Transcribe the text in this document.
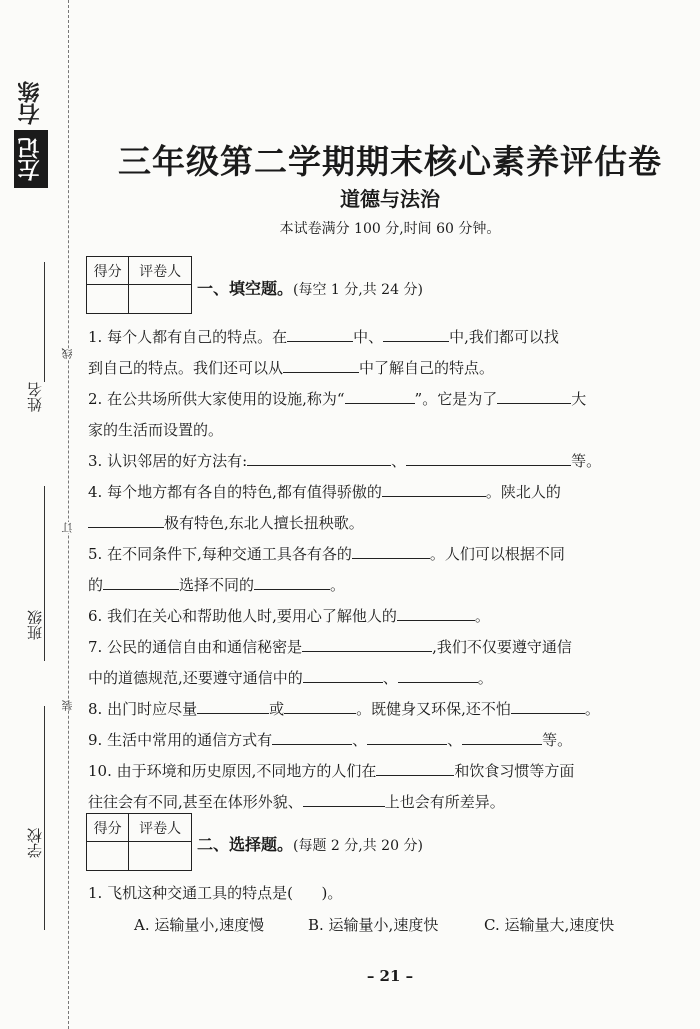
右练
左记
姓名
班级
学校
线
订
装
三年级第二学期期末核心素养评估卷
道德与法治
本试卷满分 100 分,时间 60 分钟。
得分	评卷人

一、填空题。(每空 1 分,共 24 分)
1. 每个人都有自己的特点。在	中、	中,我们都可以找
到自己的特点。我们还可以从	中了解自己的特点。
2. 在公共场所供大家使用的设施,称为“	”。它是为了	大
家的生活而设置的。
3. 认识邻居的好方法有:	、	等。
4. 每个地方都有各自的特色,都有值得骄傲的	。陕北人的
极有特色,东北人擅长扭秧歌。
5. 在不同条件下,每种交通工具各有各的	。人们可以根据不同
的	选择不同的	。
6. 我们在关心和帮助他人时,要用心了解他人的	。
7. 公民的通信自由和通信秘密是	,我们不仅要遵守通信
中的道德规范,还要遵守通信中的	、	。
8. 出门时应尽量	或	。既健身又环保,还不怕	。
9. 生活中常用的通信方式有	、	、	等。
10. 由于环境和历史原因,不同地方的人们在	和饮食习惯等方面
往往会有不同,甚至在体形外貌、	上也会有所差异。
得分	评卷人

二、选择题。(每题 2 分,共 20 分)
1. 飞机这种交通工具的特点是(      )。
A. 运输量小,速度慢	B. 运输量小,速度快	C. 运输量大,速度快
– 21 –
